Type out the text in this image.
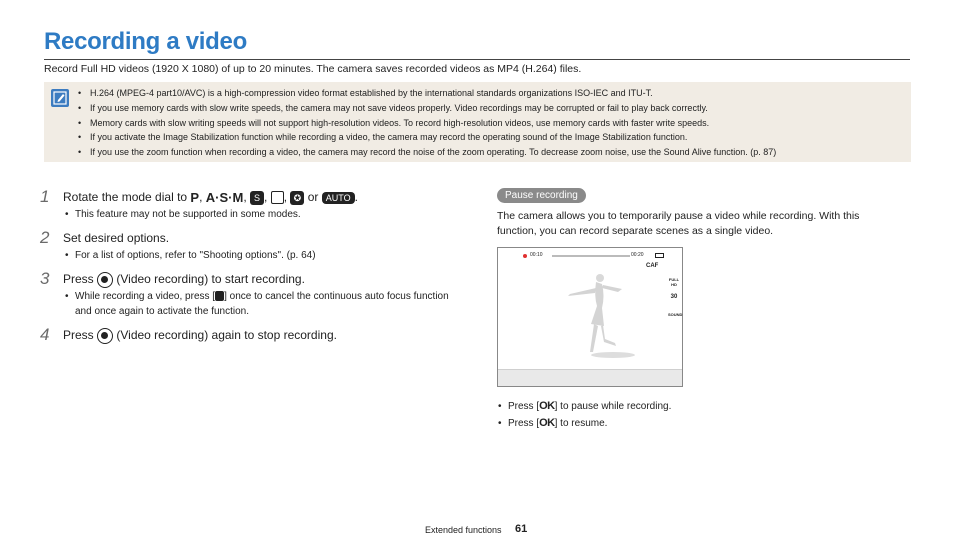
Recording a video

Record Full HD videos (1920 X 1080) of up to 20 minutes. The camera saves recorded videos as MP4 (H.264) files.

• H.264 (MPEG-4 part10/AVC) is a high-compression video format established by the international standards organizations ISO-IEC and ITU-T.
• If you use memory cards with slow write speeds, the camera may not save videos properly. Video recordings may be corrupted or fail to play back correctly.
• Memory cards with slow writing speeds will not support high-resolution videos. To record high-resolution videos, use memory cards with faster write speeds.
• If you activate the Image Stabilization function while recording a video, the camera may record the operating sound of the Image Stabilization function.
• If you use the zoom function when recording a video, the camera may record the noise of the zoom operating. To decrease zoom noise, use the Sound Alive function. (p. 87)
1 Rotate the mode dial to P, A·S·M, S , , ✪ or AUTO .
• This feature may not be supported in some modes.
2 Set desired options.
• For a list of options, refer to "Shooting options". (p. 64)
3 Press (Video recording) to start recording.
• While recording a video, press [ ] once to cancel the continuous auto focus function and once again to activate the function.
4 Press (Video recording) again to stop recording.
Pause recording

The camera allows you to temporarily pause a video while recording. With this function, you can record separate scenes as a single video.

00:10	00:20
CAF
FULL HD
30
SOUND
• Press [OK] to pause while recording.
• Press [OK] to resume.
Extended functions 61
